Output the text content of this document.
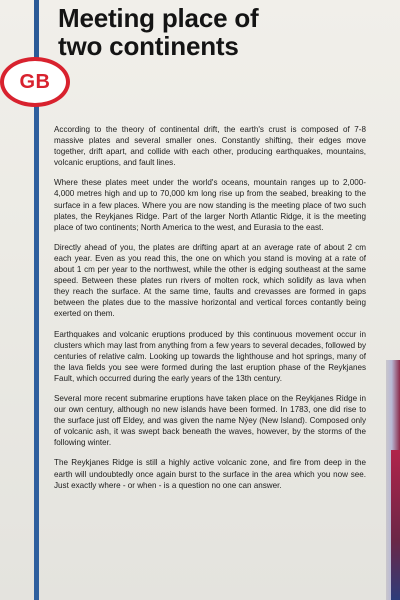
Meeting place of
two continents
GB

According to the theory of continental drift, the earth's crust is composed of 7-8 massive plates and several smaller ones. Constantly shifting, their edges move together, drift apart, and collide with each other, producing earthquakes, mountains, volcanic eruptions, and fault lines.

Where these plates meet under the world's oceans, mountain ranges up to 2,000-4,000 metres high and up to 70,000 km long rise up from the seabed, breaking to the surface in a few places. Where you are now standing is the meeting place of two such plates, the Reykjanes Ridge. Part of the larger North Atlantic Ridge, it is the meeting place of two continents; North America to the west, and Eurasia to the east.

Directly ahead of you, the plates are drifting apart at an average rate of about 2 cm each year. Even as you read this, the one on which you stand is moving at a rate of about 1 cm per year to the northwest, while the other is edging southeast at the same speed. Between these plates run rivers of molten rock, which solidify as lava when they reach the surface. At the same time, faults and crevasses are formed in gaps between the plates due to the massive horizontal and vertical forces contantly being exerted on them.

Earthquakes and volcanic eruptions produced by this continuous movement occur in clusters which may last from anything from a few years to several decades, followed by centuries of relative calm. Looking up towards the lighthouse and hot springs, many of the lava fields you see were formed during the last eruption phase of the Reykjanes Fault, which occurred during the early years of the 13th century.

Several more recent submarine eruptions have taken place on the Reykjanes Ridge in our own century, although no new islands have been formed. In 1783, one did rise to the surface just off Eldey, and was given the name Nýey (New Island). Composed only of volcanic ash, it was swept back beneath the waves, however, by the storms of the following winter.

The Reykjanes Ridge is still a highly active volcanic zone, and fire from deep in the earth will undoubtedly once again burst to the surface in the area which you now see. Just exactly where - or when - is a question no one can answer.
